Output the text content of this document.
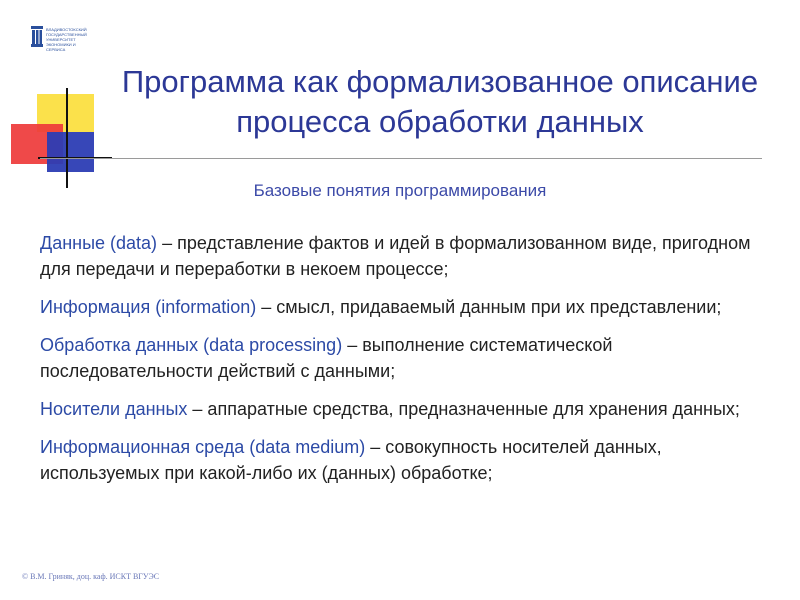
ВЛАДИВОСТОКСКИЙ
ГОСУДАРСТВЕННЫЙ
УНИВЕРСИТЕТ
ЭКОНОМИКИ И
СЕРВИСА
Программа как формализованное описание процесса обработки данных
Базовые понятия программирования

Данные (data) – представление фактов и идей в формализованном виде, пригодном для передачи и переработки в некоем процессе;

Информация (information) – смысл, придаваемый данным при их представлении;

Обработка данных (data processing) – выполнение систематической последовательности действий с данными;

Носители данных – аппаратные средства, предназначенные для хранения данных;

Информационная среда (data medium) – совокупность носителей данных, используемых при какой-либо их (данных) обработке;

© В.М. Гриняк, доц. каф. ИСКТ ВГУЭС
